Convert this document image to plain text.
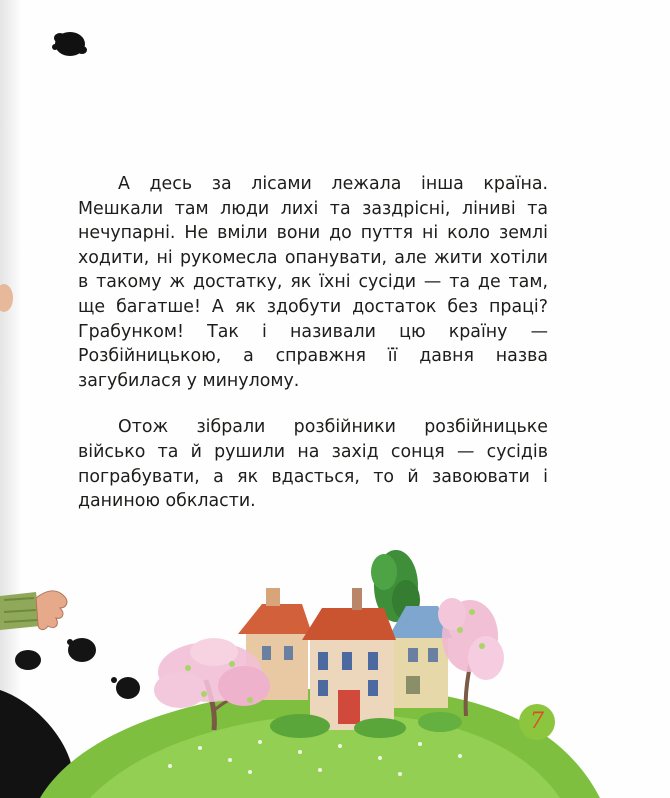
А десь за лісами лежала інша країна. Мешкали там люди лихі та заздрісні, ліниві та нечупарні. Не вміли вони до пуття ні коло землі ходити, ні рукомесла опанувати, але жити хотіли в такому ж достатку, як їхні сусіди — та де там, ще багатше! А як здобути достаток без праці? Грабунком! Так і називали цю країну — Розбійницькою, а справжня її давня назва загубилася у минулому.

Отож зібрали розбійники розбійницьке військо та й рушили на захід сонця — сусідів пограбувати, а як вдасться, то й завоювати і даниною обкласти.

7
